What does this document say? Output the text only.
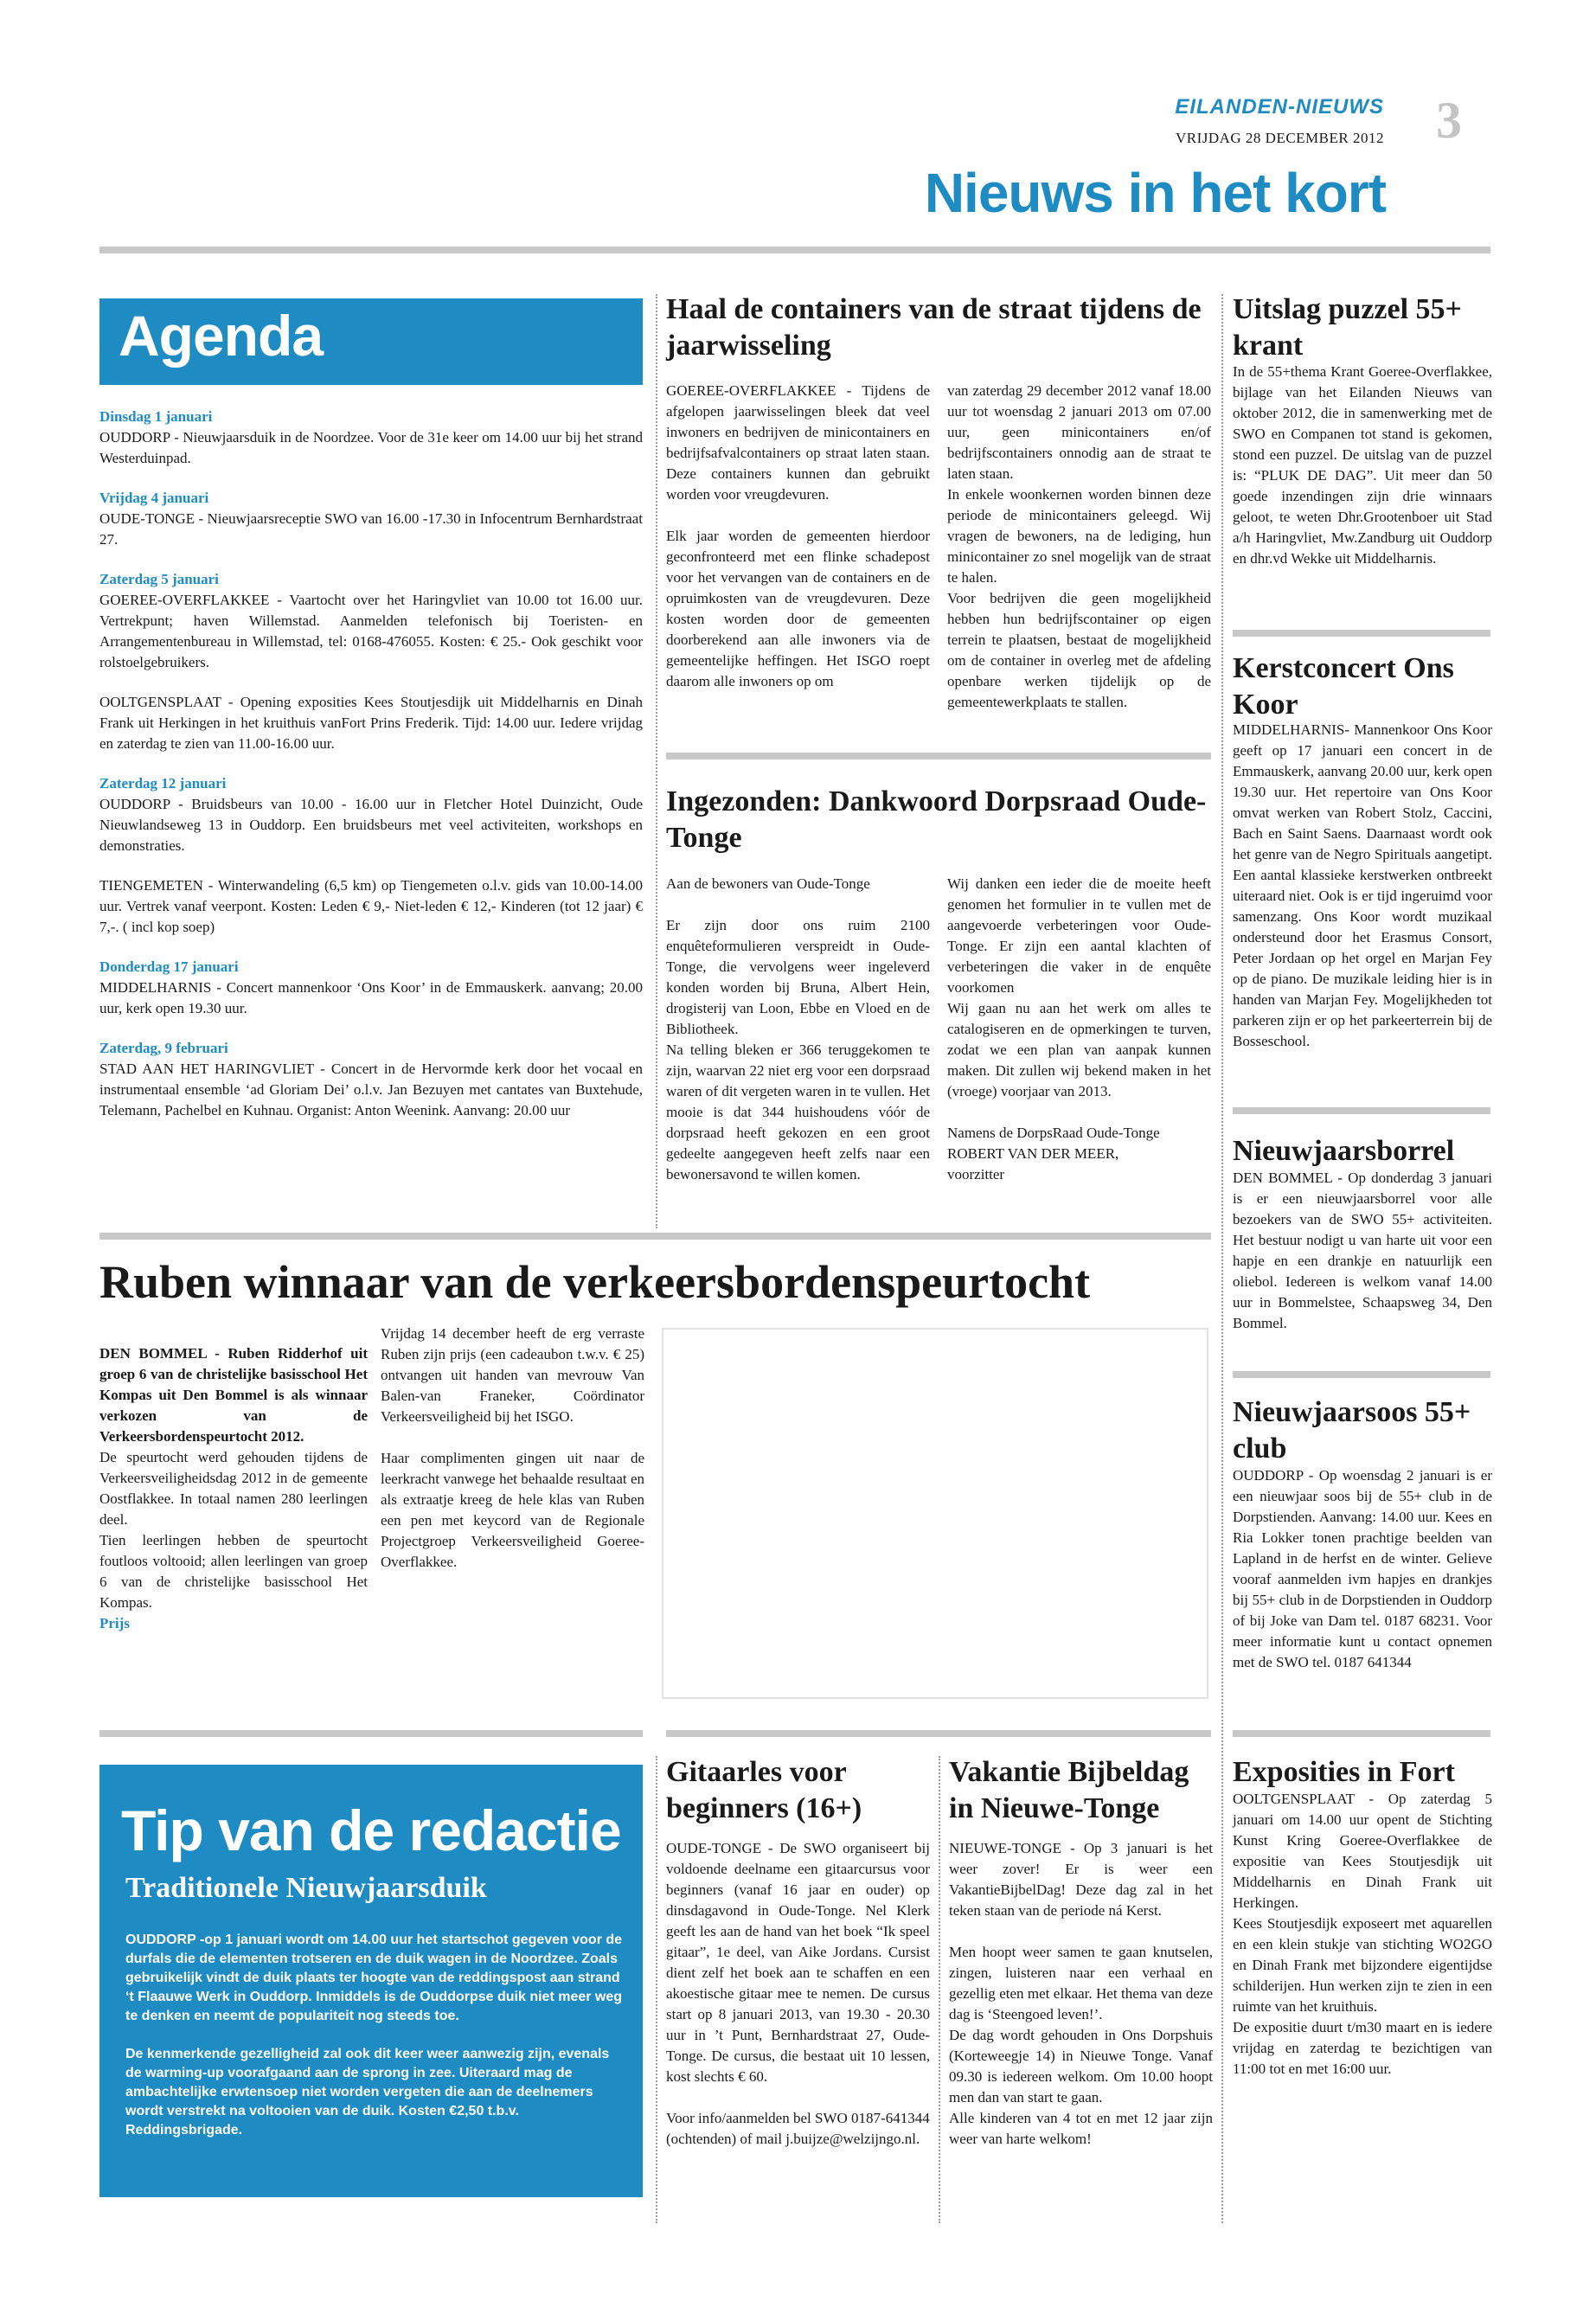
EILANDEN-NIEUWS
VRIJDAG 28 DECEMBER 2012 3
Nieuws in het kort
Agenda
Dinsdag 1 januari

OUDDORP - Nieuwjaarsduik in de Noordzee. Voor de 31e keer om 14.00 uur bij het strand Westerduinpad.

Vrijdag 4 januari

OUDE-TONGE - Nieuwjaarsreceptie SWO van 16.00 -17.30 in Infocentrum Bernhardstraat 27.

Zaterdag 5 januari

GOEREE-OVERFLAKKEE - Vaartocht over het Haringvliet van 10.00 tot 16.00 uur. Vertrekpunt; haven Willemstad. Aanmelden telefonisch bij Toeristen- en Arrangementenbureau in Willemstad, tel: 0168-476055. Kosten: € 25.- Ook geschikt voor rolstoelgebruikers.

OOLTGENSPLAAT - Opening exposities Kees Stoutjesdijk uit Middelharnis en Dinah Frank uit Herkingen in het kruithuis vanFort Prins Frederik. Tijd: 14.00 uur. Iedere vrijdag en zaterdag te zien van 11.00-16.00 uur.

Zaterdag 12 januari

OUDDORP - Bruidsbeurs van 10.00 - 16.00 uur in Fletcher Hotel Duinzicht, Oude Nieuwlandseweg 13 in Ouddorp. Een bruidsbeurs met veel activiteiten, workshops en demonstraties.

TIENGEMETEN - Winterwandeling (6,5 km) op Tiengemeten o.l.v. gids van 10.00-14.00 uur. Vertrek vanaf veerpont. Kosten: Leden € 9,- Niet-leden € 12,- Kinderen (tot 12 jaar) € 7,-. ( incl kop soep)

Donderdag 17 januari

MIDDELHARNIS - Concert mannenkoor ‘Ons Koor’ in de Emmauskerk. aanvang; 20.00 uur, kerk open 19.30 uur.

Zaterdag, 9 februari

STAD AAN HET HARINGVLIET - Concert in de Hervormde kerk door het vocaal en instrumentaal ensemble ‘ad Gloriam Dei’ o.l.v. Jan Bezuyen met cantates van Buxtehude, Telemann, Pachelbel en Kuhnau. Organist: Anton Weenink. Aanvang: 20.00 uur

Haal de containers van de straat tijdens de jaarwisseling

GOEREE-OVERFLAKKEE - Tijdens de afgelopen jaarwisselingen bleek dat veel inwoners en bedrijven de minicontainers en bedrijfsafvalcontainers op straat laten staan. Deze containers kunnen dan gebruikt worden voor vreugdevuren.

Elk jaar worden de gemeenten hierdoor geconfronteerd met een flinke schadepost voor het vervangen van de containers en de opruimkosten van de vreugdevuren. Deze kosten worden door de gemeenten doorberekend aan alle inwoners via de gemeentelijke heffingen. Het ISGO roept daarom alle inwoners op om

van zaterdag 29 december 2012 vanaf 18.00 uur tot woensdag 2 januari 2013 om 07.00 uur, geen minicontainers en/of bedrijfscontainers onnodig aan de straat te laten staan.

In enkele woonkernen worden binnen deze periode de minicontainers geleegd. Wij vragen de bewoners, na de lediging, hun minicontainer zo snel mogelijk van de straat te halen.

Voor bedrijven die geen mogelijkheid hebben hun bedrijfscontainer op eigen terrein te plaatsen, bestaat de mogelijkheid om de container in overleg met de afdeling openbare werken tijdelijk op de gemeentewerkplaats te stallen.

Ingezonden: Dankwoord Dorpsraad Oude-Tonge

Aan de bewoners van Oude-Tonge

Er zijn door ons ruim 2100 enquêteformulieren verspreidt in Oude-Tonge, die vervolgens weer ingeleverd konden worden bij Bruna, Albert Hein, drogisterij van Loon, Ebbe en Vloed en de Bibliotheek.

Na telling bleken er 366 teruggekomen te zijn, waarvan 22 niet erg voor een dorpsraad waren of dit vergeten waren in te vullen. Het mooie is dat 344 huishoudens vóór de dorpsraad heeft gekozen en een groot gedeelte aangegeven heeft zelfs naar een bewonersavond te willen komen.

Wij danken een ieder die de moeite heeft genomen het formulier in te vullen met de aangevoerde verbeteringen voor Oude-Tonge. Er zijn een aantal klachten of verbeteringen die vaker in de enquête voorkomen

Wij gaan nu aan het werk om alles te catalogiseren en de opmerkingen te turven, zodat we een plan van aanpak kunnen maken. Dit zullen wij bekend maken in het (vroege) voorjaar van 2013.

Namens de DorpsRaad Oude-Tonge

ROBERT VAN DER MEER,

voorzitter

Ruben winnaar van de verkeersbordenspeurtocht

DEN BOMMEL - Ruben Ridderhof uit groep 6 van de christelijke basisschool Het Kompas uit Den Bommel is als winnaar verkozen van de Verkeersbordenspeurtocht 2012.

De speurtocht werd gehouden tijdens de Verkeersveiligheidsdag 2012 in de gemeente Oostflakkee. In totaal namen 280 leerlingen deel.

Tien leerlingen hebben de speurtocht foutloos voltooid; allen leerlingen van groep 6 van de christelijke basisschool Het Kompas.

Prijs

Vrijdag 14 december heeft de erg verraste Ruben zijn prijs (een cadeaubon t.w.v. € 25) ontvangen uit handen van mevrouw Van Balen-van Franeker, Coördinator Verkeersveiligheid bij het ISGO.

Haar complimenten gingen uit naar de leerkracht vanwege het behaalde resultaat en als extraatje kreeg de hele klas van Ruben een pen met keycord van de Regionale Projectgroep Verkeersveiligheid Goeree-Overflakkee.

Tip van de redactie
Traditionele Nieuwjaarsduik

OUDDORP -op 1 januari wordt om 14.00 uur het startschot gegeven voor de durfals die de elementen trotseren en de duik wagen in de Noordzee. Zoals gebruikelijk vindt de duik plaats ter hoogte van de reddingspost aan strand ‘t Flaauwe Werk in Ouddorp. Inmiddels is de Ouddorpse duik niet meer weg te denken en neemt de populariteit nog steeds toe.

De kenmerkende gezelligheid zal ook dit keer weer aanwezig zijn, evenals de warming-up voorafgaand aan de sprong in zee. Uiteraard mag de ambachtelijke erwtensoep niet worden vergeten die aan de deelnemers wordt verstrekt na voltooien van de duik. Kosten €2,50 t.b.v. Reddingsbrigade.

Gitaarles voor beginners (16+)

OUDE-TONGE - De SWO organiseert bij voldoende deelname een gitaarcursus voor beginners (vanaf 16 jaar en ouder) op dinsdagavond in Oude-Tonge. Nel Klerk geeft les aan de hand van het boek “Ik speel gitaar”, 1e deel, van Aike Jordans. Cursist dient zelf het boek aan te schaffen en een akoestische gitaar mee te nemen. De cursus start op 8 januari 2013, van 19.30 - 20.30 uur in ’t Punt, Bernhardstraat 27, Oude-Tonge. De cursus, die bestaat uit 10 lessen, kost slechts € 60.

Voor info/aanmelden bel SWO 0187-641344 (ochtenden) of mail j.buijze@welzijngo.nl.

Vakantie Bijbeldag in Nieuwe-Tonge

NIEUWE-TONGE - Op 3 januari is het weer zover! Er is weer een VakantieBijbelDag! Deze dag zal in het teken staan van de periode ná Kerst.

Men hoopt weer samen te gaan knutselen, zingen, luisteren naar een verhaal en gezellig eten met elkaar. Het thema van deze dag is ‘Steengoed leven!’.

De dag wordt gehouden in Ons Dorpshuis (Korteweegje 14) in Nieuwe Tonge. Vanaf 09.30 is iedereen welkom. Om 10.00 hoopt men dan van start te gaan.

Alle kinderen van 4 tot en met 12 jaar zijn weer van harte welkom!

Uitslag puzzel 55+ krant

In de 55+thema Krant Goeree-Overflakkee, bijlage van het Eilanden Nieuws van oktober 2012, die in samenwerking met de SWO en Companen tot stand is gekomen, stond een puzzel. De uitslag van de puzzel is: “PLUK DE DAG”. Uit meer dan 50 goede inzendingen zijn drie winnaars geloot, te weten Dhr.Grootenboer uit Stad a/h Haringvliet, Mw.Zandburg uit Ouddorp en dhr.vd Wekke uit Middelharnis.

Kerstconcert Ons Koor

MIDDELHARNIS- Mannenkoor Ons Koor geeft op 17 januari een concert in de Emmauskerk, aanvang 20.00 uur, kerk open 19.30 uur. Het repertoire van Ons Koor omvat werken van Robert Stolz, Caccini, Bach en Saint Saens. Daarnaast wordt ook het genre van de Negro Spirituals aangetipt. Een aantal klassieke kerstwerken ontbreekt uiteraard niet. Ook is er tijd ingeruimd voor samenzang. Ons Koor wordt muzikaal ondersteund door het Erasmus Consort, Peter Jordaan op het orgel en Marjan Fey op de piano. De muzikale leiding hier is in handen van Marjan Fey. Mogelijkheden tot parkeren zijn er op het parkeerterrein bij de Bosseschool.

Nieuwjaarsborrel

DEN BOMMEL - Op donderdag 3 januari is er een nieuwjaarsborrel voor alle bezoekers van de SWO 55+ activiteiten. Het bestuur nodigt u van harte uit voor een hapje en een drankje en natuurlijk een oliebol. Iedereen is welkom vanaf 14.00 uur in Bommelstee, Schaapsweg 34, Den Bommel.

Nieuwjaarsoos 55+ club

OUDDORP - Op woensdag 2 januari is er een nieuwjaar soos bij de 55+ club in de Dorpstienden. Aanvang: 14.00 uur. Kees en Ria Lokker tonen prachtige beelden van Lapland in de herfst en de winter. Gelieve vooraf aanmelden ivm hapjes en drankjes bij 55+ club in de Dorpstienden in Ouddorp of bij Joke van Dam tel. 0187 68231. Voor meer informatie kunt u contact opnemen met de SWO tel. 0187 641344

Exposities in Fort

OOLTGENSPLAAT - Op zaterdag 5 januari om 14.00 uur opent de Stichting Kunst Kring Goeree-Overflakkee de expositie van Kees Stoutjesdijk uit Middelharnis en Dinah Frank uit Herkingen.

Kees Stoutjesdijk exposeert met aquarellen en een klein stukje van stichting WO2GO en Dinah Frank met bijzondere eigentijdse schilderijen. Hun werken zijn te zien in een ruimte van het kruithuis.

De expositie duurt t/m30 maart en is iedere vrijdag en zaterdag te bezichtigen van 11:00 tot en met 16:00 uur.
